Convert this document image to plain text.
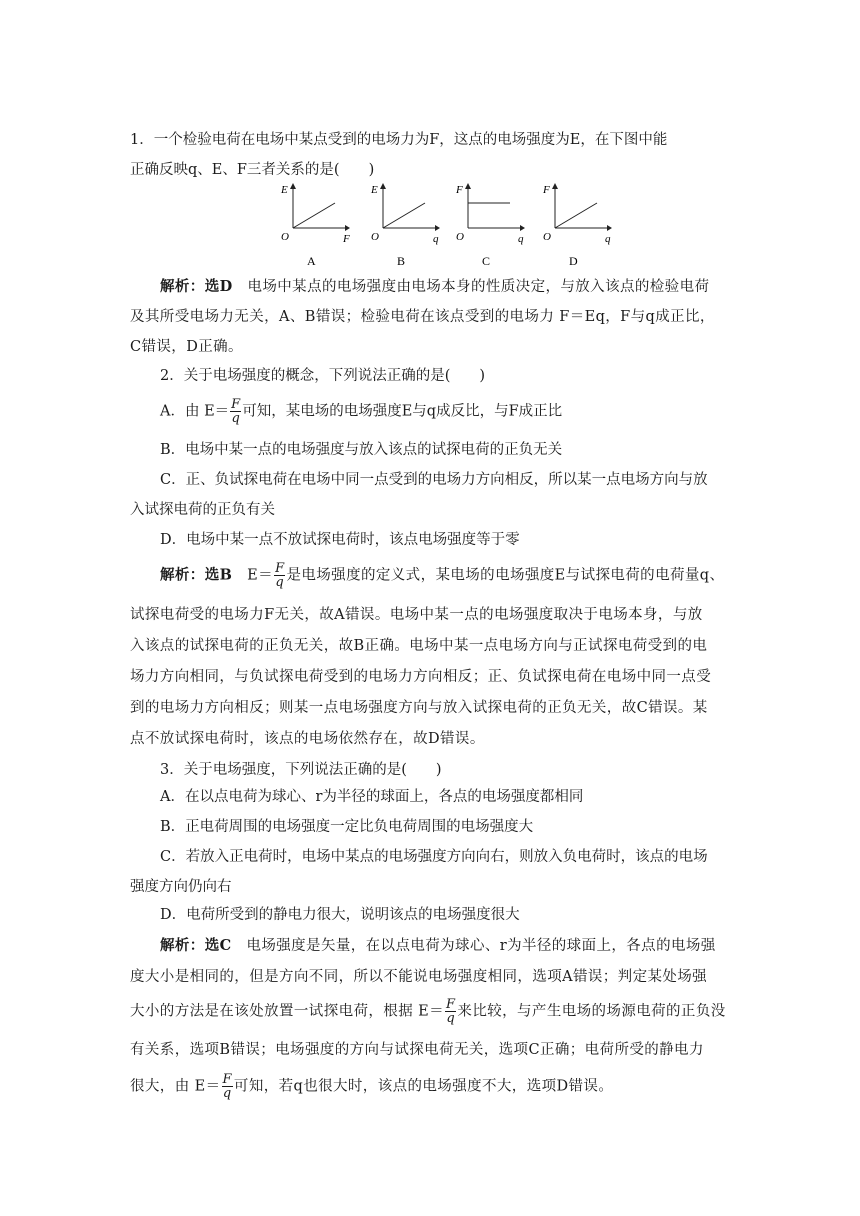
1．一个检验电荷在电场中某点受到的电场力为F，这点的电场强度为E，在下图中能
正确反映q、E、F三者关系的是(　　)
E
F
O
A
E
q
O
B
F
q
O
C
F
q
O
D
解析：选D　 电场中某点的电场强度由电场本身的性质决定，与放入该点的检验电荷
及其所受电场力无关，A、B错误；检验电荷在该点受到的电场力 F＝Eq，F与q成正比，
C错误，D正确。
2．关于电场强度的概念，下列说法正确的是(　　)
A．由 $E= \frac{F}{q}$ 可知，某电场的电场强度E与q成反比，与F成正比
B．电场中某一点的电场强度与放入该点的试探电荷的正负无关
C．正、负试探电荷在电场中同一点受到的电场力方向相反，所以某一点电场方向与放
入试探电荷的正负有关
D．电场中某一点不放试探电荷时，该点电场强度等于零
解析：选B　 $E= \frac{F}{q}$ 是电场强度的定义式，某电场的电场强度E与试探电荷的电荷量q、
试探电荷受的电场力F无关，故A错误。电场中某一点的电场强度取决于电场本身，与放
入该点的试探电荷的正负无关，故B正确。电场中某一点电场方向与正试探电荷受到的电
场力方向相同，与负试探电荷受到的电场力方向相反；正、负试探电荷在电场中同一点受
到的电场力方向相反；则某一点电场强度方向与放入试探电荷的正负无关，故C错误。某
点不放试探电荷时，该点的电场依然存在，故D错误。
3．关于电场强度，下列说法正确的是(　　)
A．在以点电荷为球心、r为半径的球面上，各点的电场强度都相同
B．正电荷周围的电场强度一定比负电荷周围的电场强度大
C．若放入正电荷时，电场中某点的电场强度方向向右，则放入负电荷时，该点的电场
强度方向仍向右
D．电荷所受到的静电力很大，说明该点的电场强度很大
解析：选C　 电场强度是矢量，在以点电荷为球心、r为半径的球面上，各点的电场强
度大小是相同的，但是方向不同，所以不能说电场强度相同，选项A错误；判定某处场强
大小的方法是在该处放置一试探电荷，根据 $E= \frac{F}{q}$ 来比较，与产生电场的场源电荷的正负没
有关系，选项B错误；电场强度的方向与试探电荷无关，选项C正确；电荷所受的静电力
很大，由 $E= \frac{F}{q}$ 可知，若q也很大时，该点的电场强度不大，选项D错误。
